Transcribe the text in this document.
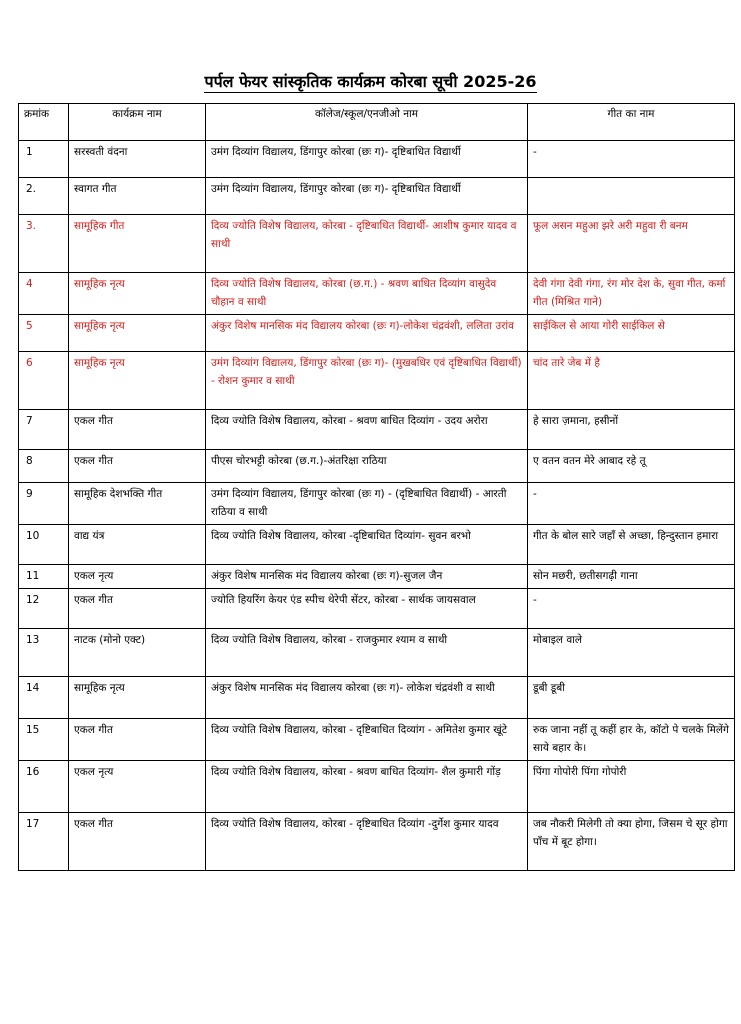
पर्पल फेयर सांस्कृतिक कार्यक्रम कोरबा सूची 2025-26
क्रमांक	कार्यक्रम नाम	कॉलेज/स्कूल/एनजीओ नाम	गीत का नाम
1	सरस्वती वंदना	उमंग दिव्यांग विद्यालय, डिंगापुर कोरबा (छः ग)- दृष्टिबाधित विद्यार्थी	-
2.	स्वागत गीत	उमंग दिव्यांग विद्यालय, डिंगापुर कोरबा (छः ग)- दृष्टिबाधित विद्यार्थी	
3.	सामूहिक गीत	दिव्य ज्योति विशेष विद्यालय, कोरबा - दृष्टिबाधित विद्यार्थी- आशीष कुमार यादव व साथी	फूल असन महुआ झरे अरी महुवा री बनम
4	सामूहिक नृत्य	दिव्य ज्योति विशेष विद्यालय, कोरबा (छ.ग.) - श्रवण बाधित दिव्यांग वासुदेव चौहान व साथी	देवी गंगा देवी गंगा, रंग मोर देश के, सुवा गीत, कर्मा गीत (मिश्रित गाने)
5	सामूहिक नृत्य	अंकुर विशेष मानसिक मंद विद्यालय कोरबा (छः ग)-लोकेश चंद्रवंशी, ललिता उरांव	साईकिल से आया गोरी साईकिल से
6	सामूहिक नृत्य	उमंग दिव्यांग विद्यालय, डिंगापुर कोरबा (छः ग)- (मुखबधिर एवं दृष्टिबाधित विद्यार्थी) - रोशन कुमार व साथी	चांद तारे जेब में है
7	एकल गीत	दिव्य ज्योति विशेष विद्यालय, कोरबा - श्रवण बाधित दिव्यांग - उदय अरोरा	हे सारा ज़माना, हसीनों
8	एकल गीत	पीएस चोरभट्टी कोरबा (छ.ग.)-अंतरिक्षा राठिया	ए वतन वतन मेरे आबाद रहे तू
9	सामूहिक देशभक्ति गीत	उमंग दिव्यांग विद्यालय, डिंगापुर कोरबा (छः ग) - (दृष्टिबाधित विद्यार्थी) - आरती राठिया व साथी	-
10	वाद्य यंत्र	दिव्य ज्योति विशेष विद्यालय, कोरबा -दृष्टिबाधित दिव्यांग- सुवन बरभो	गीत के बोल सारे जहाँ से अच्छा, हिन्दुस्तान हमारा
11	एकल नृत्य	अंकुर विशेष मानसिक मंद विद्यालय कोरबा (छः ग)-सुजल जैन	सोन मछरी, छतीसगढ़ी गाना
12	एकल गीत	ज्योति हियरिंग केयर एंड स्पीच थेरेपी सेंटर, कोरबा - सार्थक जायसवाल	-
13	नाटक (मोनो एक्ट)	दिव्य ज्योति विशेष विद्यालय, कोरबा - राजकुमार श्याम व साथी	मोबाइल वाले
14	सामूहिक नृत्य	अंकुर विशेष मानसिक मंद विद्यालय कोरबा (छः ग)- लोकेश चंद्रवंशी व साथी	डूबी डूबी
15	एकल गीत	दिव्य ज्योति विशेष विद्यालय, कोरबा - दृष्टिबाधित दिव्यांग - अमितेश कुमार खूंटे	रुक जाना नहीं तू कहीं हार के, कॉटो पे चलके मिलेंगे साये बहार के।
16	एकल नृत्य	दिव्य ज्योति विशेष विद्यालय, कोरबा - श्रवण बाधित दिव्यांग- शैल कुमारी गोंड़	पिंगा गोपोरी पिंगा गोपोरी
17	एकल गीत	दिव्य ज्योति विशेष विद्यालय, कोरबा - दृष्टिबाधित दिव्यांग -दुर्गेश कुमार यादव	जब नौकरी मिलेगी तो क्या होगा, जिसम चे सूर होगा पाँच में बूट होगा।
